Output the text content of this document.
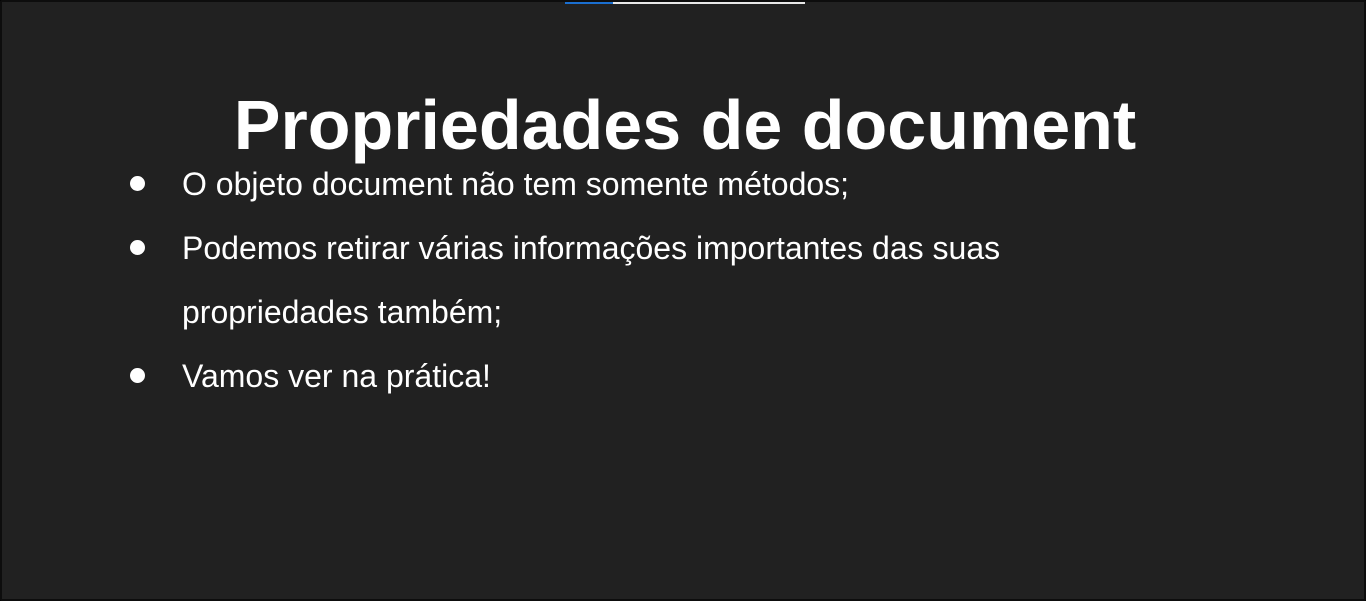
Propriedades de document
O objeto document não tem somente métodos;
Podemos retirar várias informações importantes das suas propriedades também;
Vamos ver na prática!
